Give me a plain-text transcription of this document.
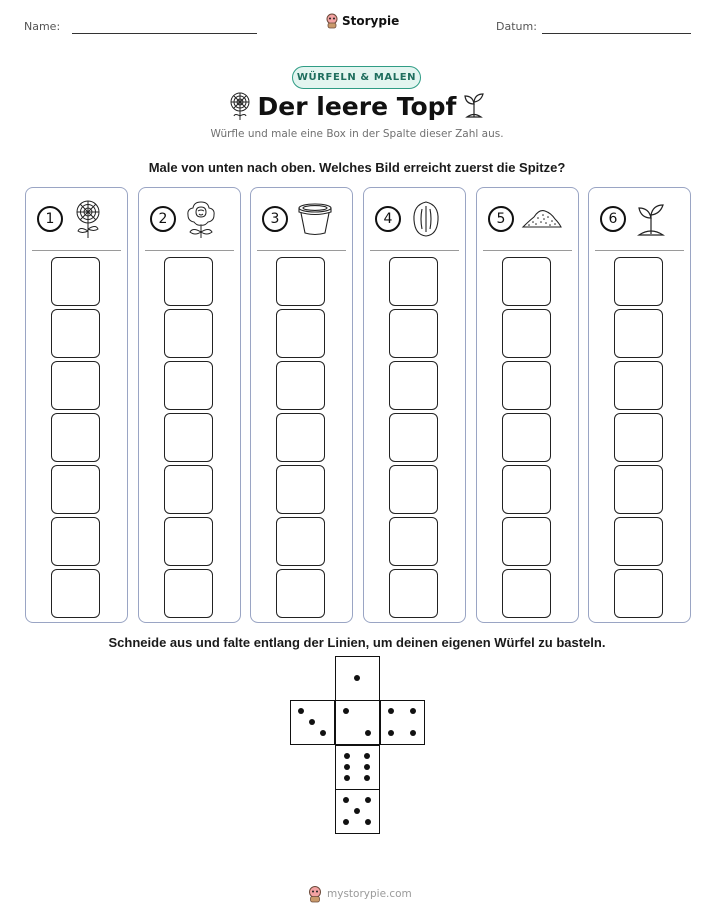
Name:	Storypie	Datum:
WÜRFELN & MALEN
Der leere Topf
Würfle und male eine Box in der Spalte dieser Zahl aus.
Male von unten nach oben. Welches Bild erreicht zuerst die Spitze?
1	2	3	4	5	6
Schneide aus und falte entlang der Linien, um deinen eigenen Würfel zu basteln.
mystorypie.com
